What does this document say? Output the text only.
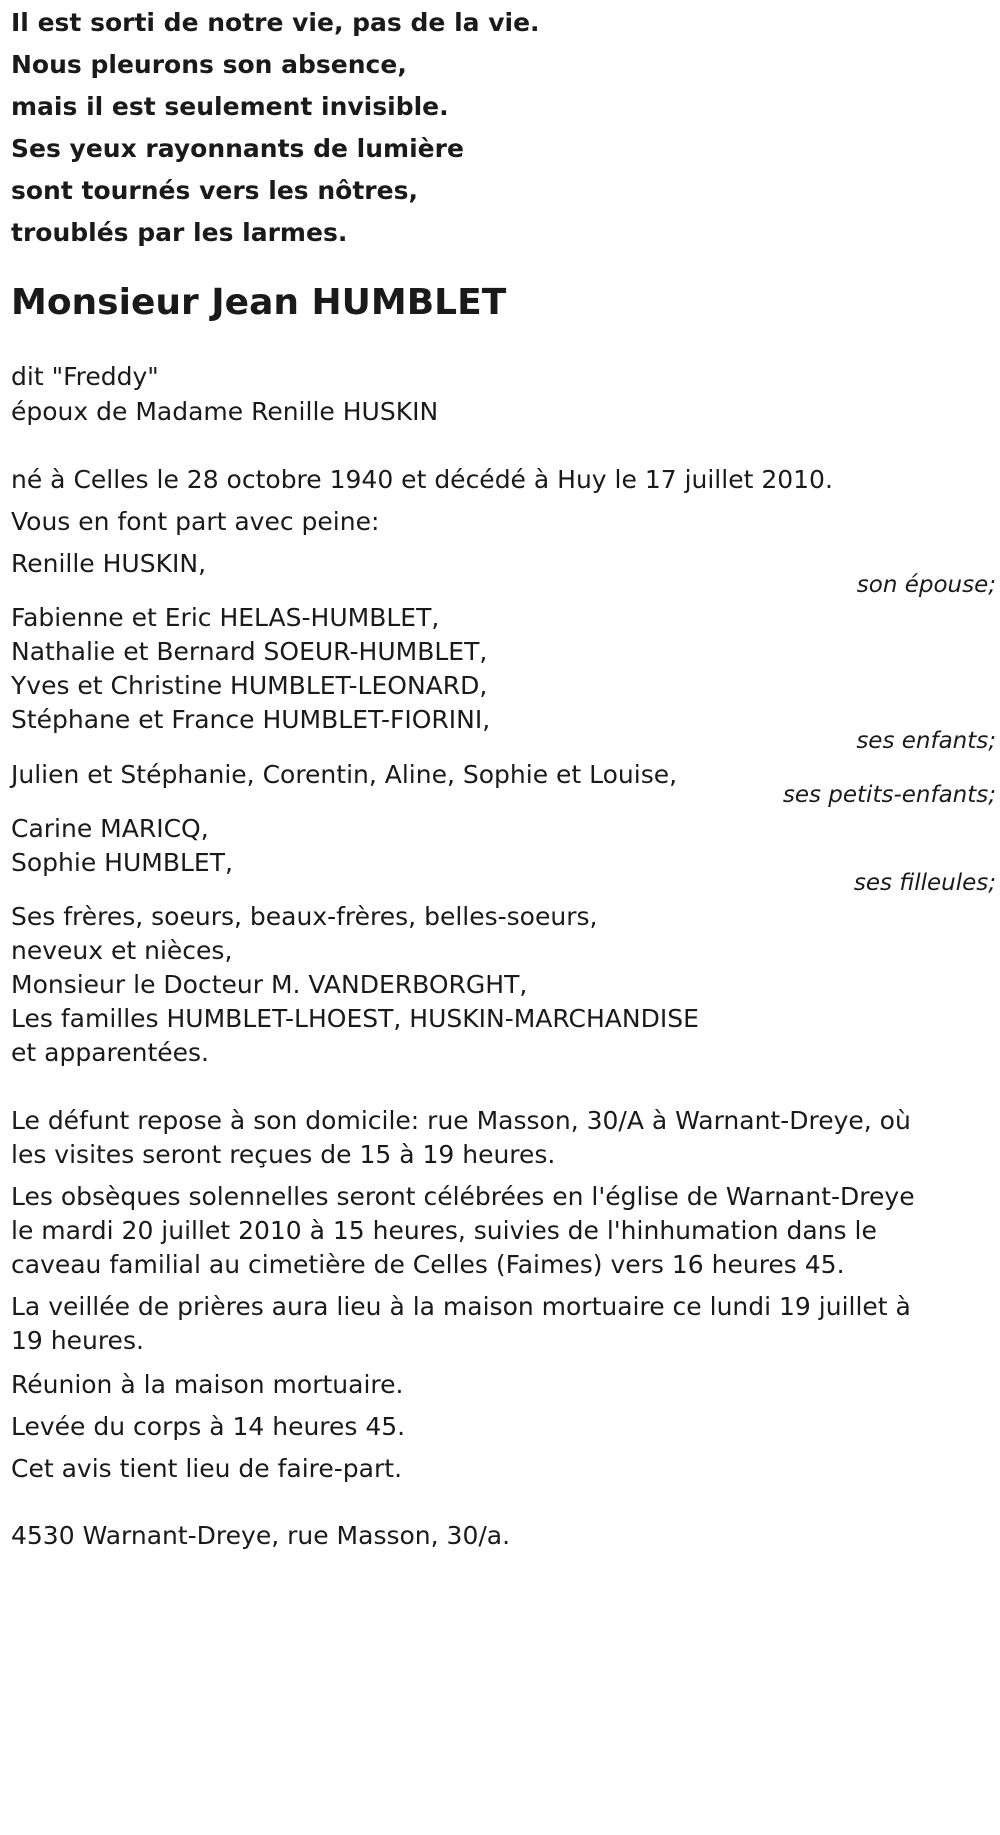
Il est sorti de notre vie, pas de la vie.
Nous pleurons son absence,
mais il est seulement invisible.
Ses yeux rayonnants de lumière
sont tournés vers les nôtres,
troublés par les larmes.
Monsieur Jean HUMBLET
dit "Freddy"
époux de Madame Renille HUSKIN
né à Celles le 28 octobre 1940 et décédé à Huy le 17 juillet 2010.
Vous en font part avec peine:
Renille HUSKIN,
son épouse;
Fabienne et Eric HELAS-HUMBLET,
Nathalie et Bernard SOEUR-HUMBLET,
Yves et Christine HUMBLET-LEONARD,
Stéphane et France HUMBLET-FIORINI,
ses enfants;
Julien et Stéphanie, Corentin, Aline, Sophie et Louise,
ses petits-enfants;
Carine MARICQ,
Sophie HUMBLET,
ses filleules;
Ses frères, soeurs, beaux-frères, belles-soeurs,
neveux et nièces,
Monsieur le Docteur M. VANDERBORGHT,
Les familles HUMBLET-LHOEST, HUSKIN-MARCHANDISE
et apparentées.
Le défunt repose à son domicile: rue Masson, 30/A à Warnant-Dreye, où
les visites seront reçues de 15 à 19 heures.
Les obsèques solennelles seront célébrées en l'église de Warnant-Dreye
le mardi 20 juillet 2010 à 15 heures, suivies de l'hinhumation dans le
caveau familial au cimetière de Celles (Faimes) vers 16 heures 45.
La veillée de prières aura lieu à la maison mortuaire ce lundi 19 juillet à
19 heures.
Réunion à la maison mortuaire.
Levée du corps à 14 heures 45.
Cet avis tient lieu de faire-part.
4530 Warnant-Dreye, rue Masson, 30/a.
